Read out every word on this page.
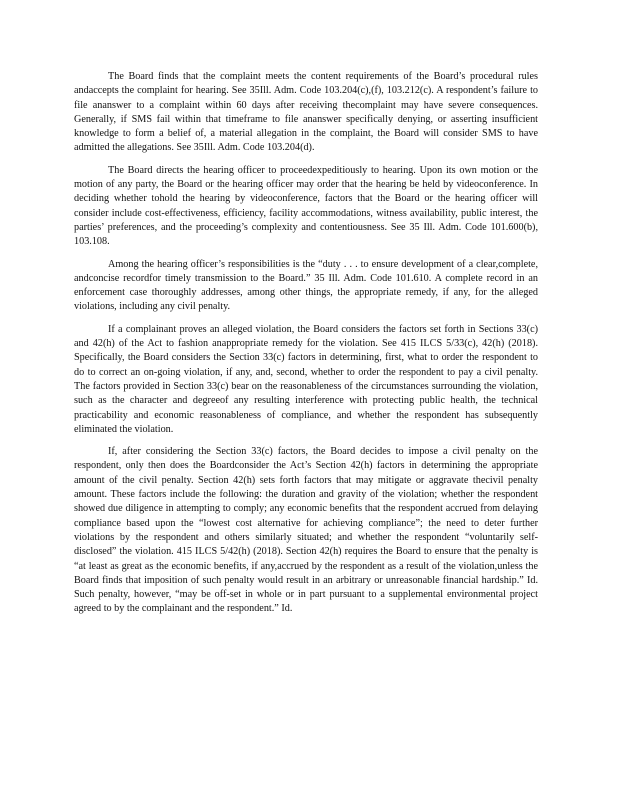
The Board finds that the complaint meets the content requirements of the Board’s procedural rules andaccepts the complaint for hearing. See 35Ill. Adm. Code 103.204(c),(f), 103.212(c). A respondent’s failure to file ananswer to a complaint within 60 days after receiving thecomplaint may have severe consequences. Generally, if SMS fail within that timeframe to file ananswer specifically denying, or asserting insufficient knowledge to form a belief of, a material allegation in the complaint, the Board will consider SMS to have admitted the allegations. See 35Ill. Adm. Code 103.204(d).

The Board directs the hearing officer to proceedexpeditiously to hearing. Upon its own motion or the motion of any party, the Board or the hearing officer may order that the hearing be held by videoconference. In deciding whether tohold the hearing by videoconference, factors that the Board or the hearing officer will consider include cost-effectiveness, efficiency, facility accommodations, witness availability, public interest, the parties’ preferences, and the proceeding’s complexity and contentiousness. See 35 Ill. Adm. Code 101.600(b), 103.108.

Among the hearing officer’s responsibilities is the “duty . . . to ensure development of a clear,complete, andconcise recordfor timely transmission to the Board.” 35 Ill. Adm. Code 101.610. A complete record in an enforcement case thoroughly addresses, among other things, the appropriate remedy, if any, for the alleged violations, including any civil penalty.

If a complainant proves an alleged violation, the Board considers the factors set forth in Sections 33(c) and 42(h) of the Act to fashion anappropriate remedy for the violation. See 415 ILCS 5/33(c), 42(h) (2018). Specifically, the Board considers the Section 33(c) factors in determining, first, what to order the respondent to do to correct an on-going violation, if any, and, second, whether to order the respondent to pay a civil penalty. The factors provided in Section 33(c) bear on the reasonableness of the circumstances surrounding the violation, such as the character and degreeof any resulting interference with protecting public health, the technical practicability and economic reasonableness of compliance, and whether the respondent has subsequently eliminated the violation.

If, after considering the Section 33(c) factors, the Board decides to impose a civil penalty on the respondent, only then does the Boardconsider the Act’s Section 42(h) factors in determining the appropriate amount of the civil penalty. Section 42(h) sets forth factors that may mitigate or aggravate thecivil penalty amount. These factors include the following: the duration and gravity of the violation; whether the respondent showed due diligence in attempting to comply; any economic benefits that the respondent accrued from delaying compliance based upon the “lowest cost alternative for achieving compliance”; the need to deter further violations by the respondent and others similarly situated; and whether the respondent “voluntarily self-disclosed” the violation. 415 ILCS 5/42(h) (2018). Section 42(h) requires the Board to ensure that the penalty is “at least as great as the economic benefits, if any,accrued by the respondent as a result of the violation,unless the Board finds that imposition of such penalty would result in an arbitrary or unreasonable financial hardship.” Id. Such penalty, however, “may be off-set in whole or in part pursuant to a supplemental environmental project agreed to by the complainant and the respondent.” Id.
